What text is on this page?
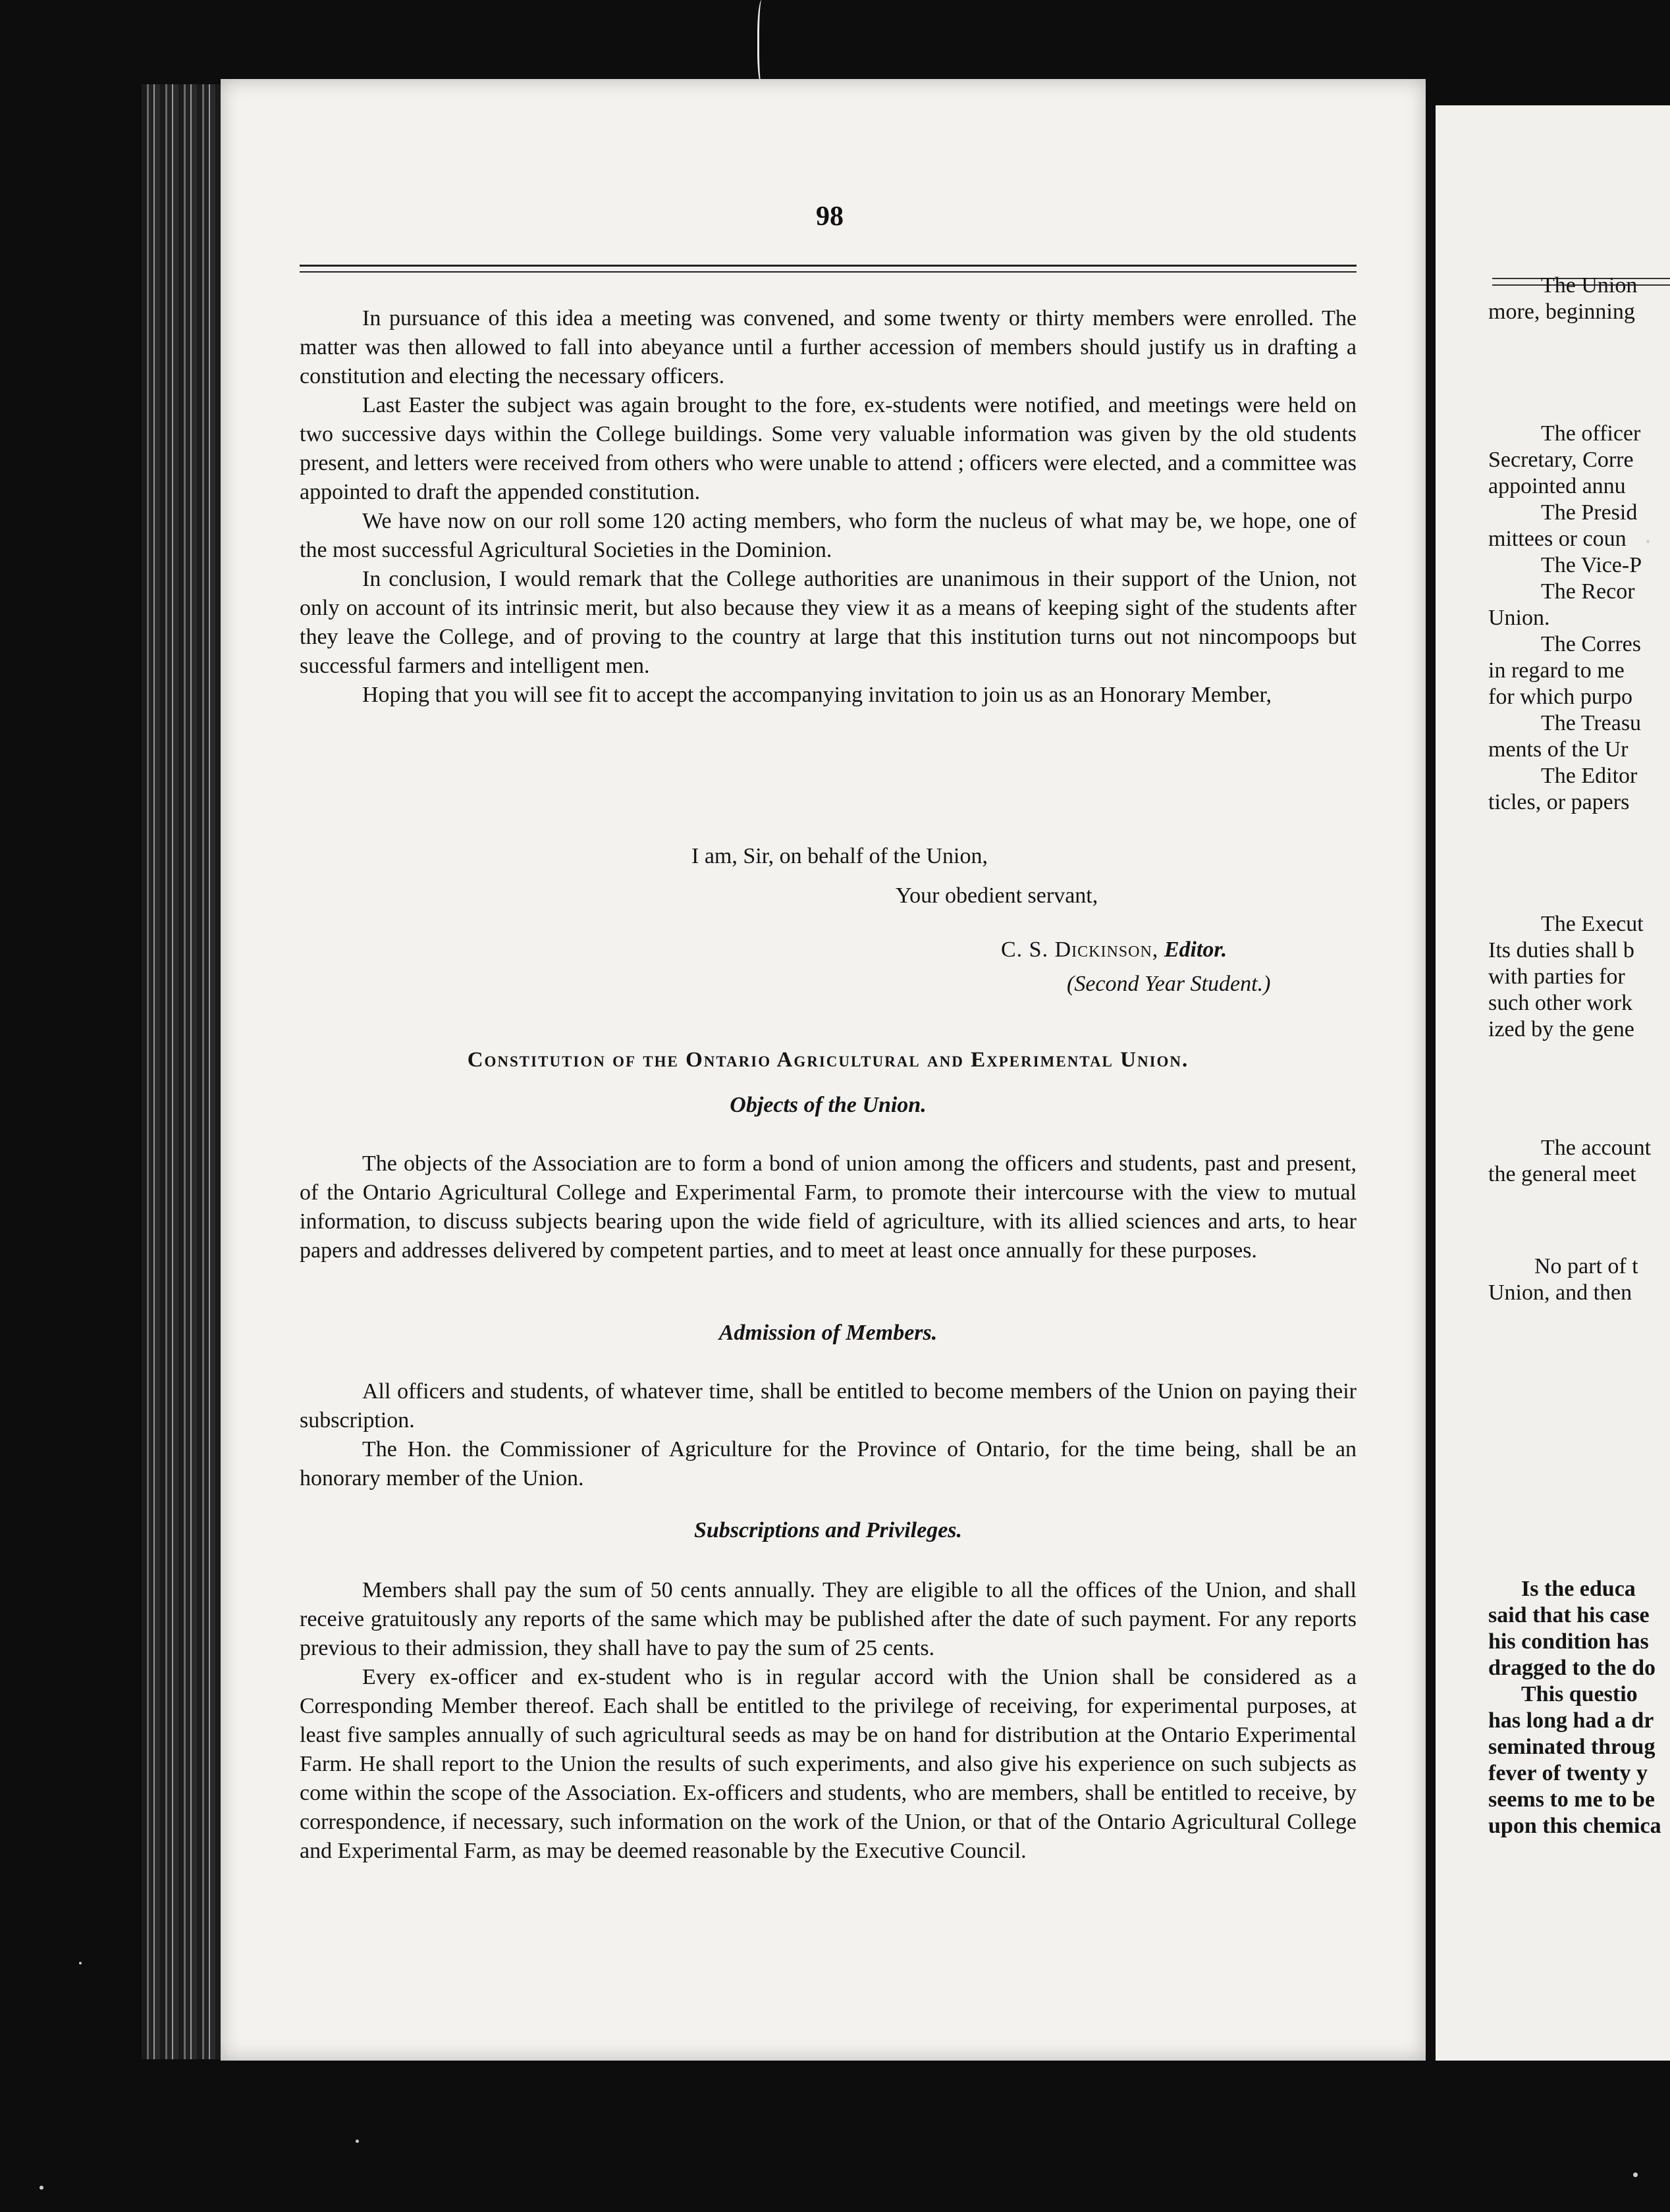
98

In pursuance of this idea a meeting was convened, and some twenty or thirty members were enrolled. The matter was then allowed to fall into abeyance until a further accession of members should justify us in drafting a constitution and electing the necessary officers.

Last Easter the subject was again brought to the fore, ex-students were notified, and meetings were held on two successive days within the College buildings. Some very valuable information was given by the old students present, and letters were received from others who were unable to attend ; officers were elected, and a committee was appointed to draft the appended constitution.

We have now on our roll some 120 acting members, who form the nucleus of what may be, we hope, one of the most successful Agricultural Societies in the Dominion.

In conclusion, I would remark that the College authorities are unanimous in their support of the Union, not only on account of its intrinsic merit, but also because they view it as a means of keeping sight of the students after they leave the College, and of proving to the country at large that this institution turns out not nincompoops but successful farmers and intelligent men.

Hoping that you will see fit to accept the accompanying invitation to join us as an Honorary Member,

I am, Sir, on behalf of the Union,
Your obedient servant,
C. S. Dickinson, Editor.
(Second Year Student.)
Constitution of the Ontario Agricultural and Experimental Union.
Objects of the Union.

The objects of the Association are to form a bond of union among the officers and students, past and present, of the Ontario Agricultural College and Experimental Farm, to promote their intercourse with the view to mutual information, to discuss subjects bearing upon the wide field of agriculture, with its allied sciences and arts, to hear papers and addresses delivered by competent parties, and to meet at least once annually for these purposes.

Admission of Members.

All officers and students, of whatever time, shall be entitled to become members of the Union on paying their subscription.

The Hon. the Commissioner of Agriculture for the Province of Ontario, for the time being, shall be an honorary member of the Union.

Subscriptions and Privileges.

Members shall pay the sum of 50 cents annually. They are eligible to all the offices of the Union, and shall receive gratuitously any reports of the same which may be published after the date of such payment. For any reports previous to their admission, they shall have to pay the sum of 25 cents.

Every ex-officer and ex-student who is in regular accord with the Union shall be considered as a Corresponding Member thereof. Each shall be entitled to the privilege of receiving, for experimental purposes, at least five samples annually of such agricultural seeds as may be on hand for distribution at the Ontario Experimental Farm. He shall report to the Union the results of such experiments, and also give his experience on such subjects as come within the scope of the Association. Ex-officers and students, who are members, shall be entitled to receive, by correspondence, if necessary, such information on the work of the Union, or that of the Ontario Agricultural College and Experimental Farm, as may be deemed reasonable by the Executive Council.

The Union
more, beginning
The officer
Secretary, Corre
appointed annu
The Presid
mittees or coun
The Vice-P
The Recor
Union.
The Corres
in regard to me
for which purpo
The Treasu
ments of the Ur
The Editor
ticles, or papers
The Execut
Its duties shall b
with parties for
such other work
ized by the gene
The account
the general meet
No part of t
Union, and then
Is the educa
said that his case
his condition has
dragged to the do
This questio
has long had a dr
seminated throug
fever of twenty y
seems to me to be
upon this chemica
